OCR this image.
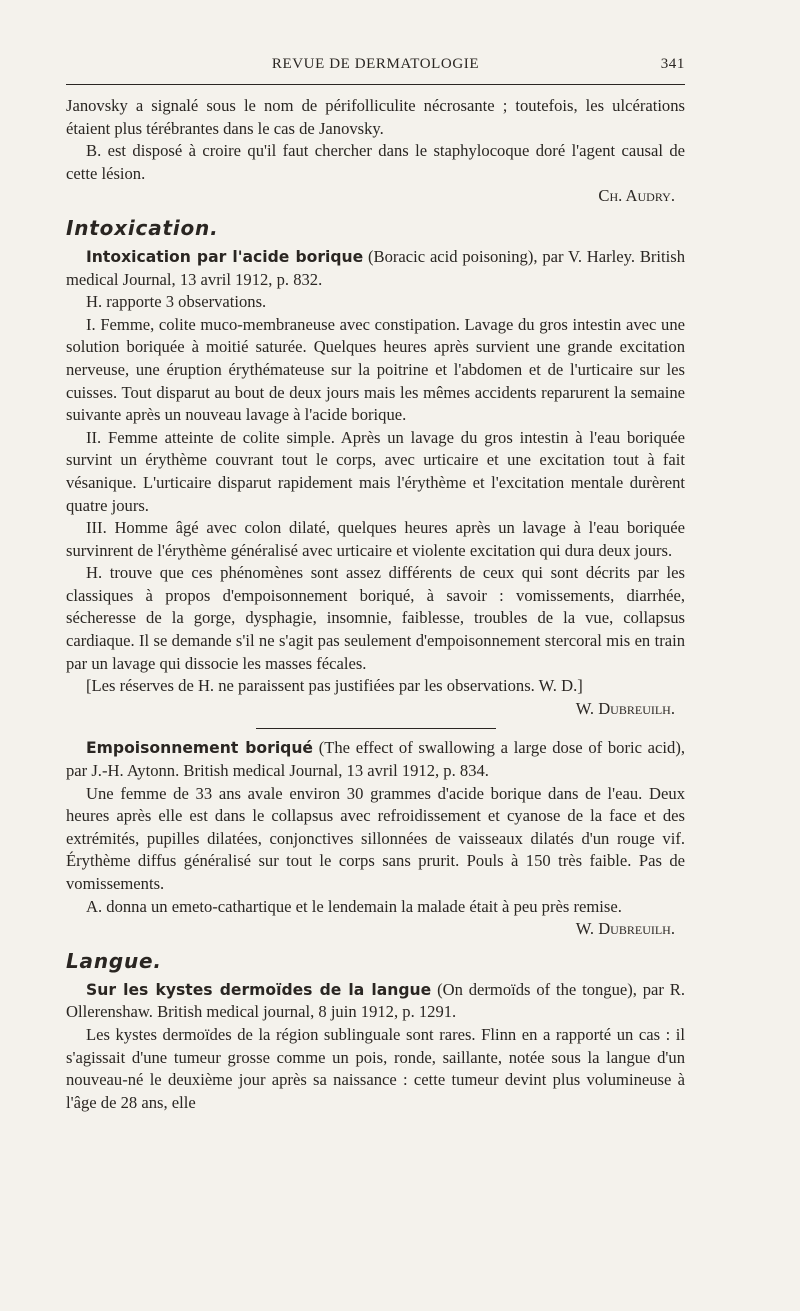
REVUE DE DERMATOLOGIE	341

Janovsky a signalé sous le nom de périfolliculite nécrosante ; toutefois, les ulcérations étaient plus térébrantes dans le cas de Janovsky.

B. est disposé à croire qu'il faut chercher dans le staphylocoque doré l'agent causal de cette lésion.

Ch. Audry.

Intoxication.

Intoxication par l'acide borique (Boracic acid poisoning), par V. Harley. British medical Journal, 13 avril 1912, p. 832.

H. rapporte 3 observations.

I. Femme, colite muco-membraneuse avec constipation. Lavage du gros intestin avec une solution boriquée à moitié saturée. Quelques heures après survient une grande excitation nerveuse, une éruption érythémateuse sur la poitrine et l'abdomen et de l'urticaire sur les cuisses. Tout disparut au bout de deux jours mais les mêmes accidents reparurent la semaine suivante après un nouveau lavage à l'acide borique.

II. Femme atteinte de colite simple. Après un lavage du gros intestin à l'eau boriquée survint un érythème couvrant tout le corps, avec urticaire et une excitation tout à fait vésanique. L'urticaire disparut rapidement mais l'érythème et l'excitation mentale durèrent quatre jours.

III. Homme âgé avec colon dilaté, quelques heures après un lavage à l'eau boriquée survinrent de l'érythème généralisé avec urticaire et violente excitation qui dura deux jours.

H. trouve que ces phénomènes sont assez différents de ceux qui sont décrits par les classiques à propos d'empoisonnement boriqué, à savoir : vomissements, diarrhée, sécheresse de la gorge, dysphagie, insomnie, faiblesse, troubles de la vue, collapsus cardiaque. Il se demande s'il ne s'agit pas seulement d'empoisonnement stercoral mis en train par un lavage qui dissocie les masses fécales.

[Les réserves de H. ne paraissent pas justifiées par les observations. W. D.]

W. Dubreuilh.

Empoisonnement boriqué (The effect of swallowing a large dose of boric acid), par J.-H. Aytonn. British medical Journal, 13 avril 1912, p. 834.

Une femme de 33 ans avale environ 30 grammes d'acide borique dans de l'eau. Deux heures après elle est dans le collapsus avec refroidissement et cyanose de la face et des extrémités, pupilles dilatées, conjonctives sillonnées de vaisseaux dilatés d'un rouge vif. Érythème diffus généralisé sur tout le corps sans prurit. Pouls à 150 très faible. Pas de vomissements.

A. donna un emeto-cathartique et le lendemain la malade était à peu près remise.

W. Dubreuilh.

Langue.

Sur les kystes dermoïdes de la langue (On dermoïds of the tongue), par R. Ollerenshaw. British medical journal, 8 juin 1912, p. 1291.

Les kystes dermoïdes de la région sublinguale sont rares. Flinn en a rapporté un cas : il s'agissait d'une tumeur grosse comme un pois, ronde, saillante, notée sous la langue d'un nouveau-né le deuxième jour après sa naissance : cette tumeur devint plus volumineuse à l'âge de 28 ans, elle
